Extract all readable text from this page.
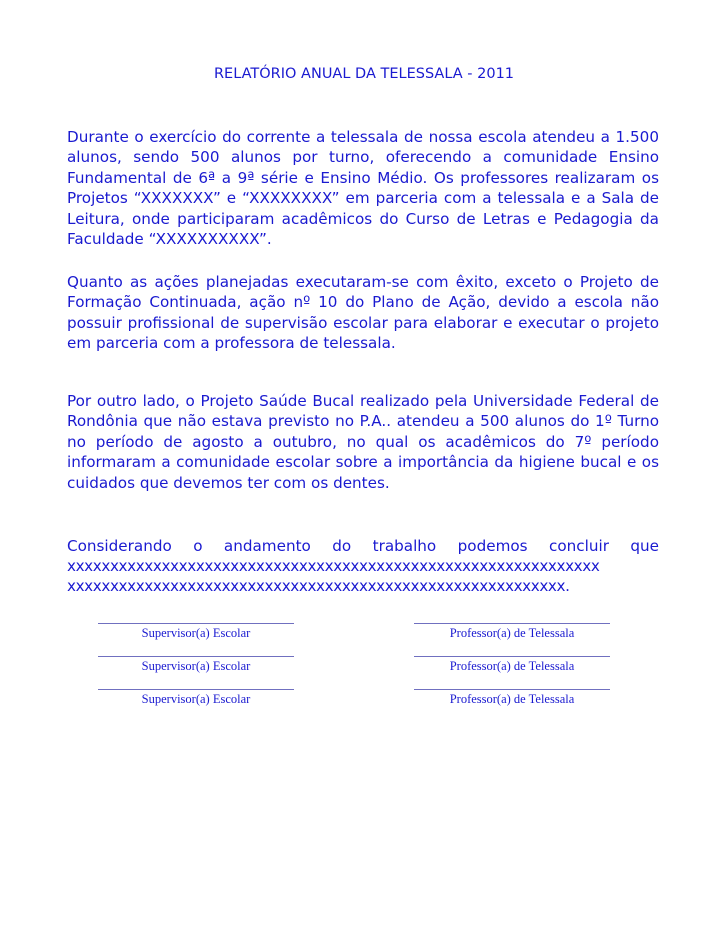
RELATÓRIO ANUAL DA TELESSALA - 2011

Durante o exercício do corrente a telessala de nossa escola atendeu a 1.500 alunos, sendo 500 alunos por turno, oferecendo a comunidade Ensino Fundamental de 6ª a 9ª série e Ensino Médio. Os professores realizaram os Projetos “XXXXXXX” e “XXXXXXXX” em parceria com a telessala e a Sala de Leitura, onde participaram acadêmicos do Curso de Letras e Pedagogia da Faculdade “XXXXXXXXXX”.

Quanto as ações planejadas executaram-se com êxito, exceto o Projeto de Formação Continuada, ação nº 10 do Plano de Ação, devido a escola não possuir profissional de supervisão escolar para elaborar e executar o projeto em parceria com a professora de telessala.

Por outro lado, o Projeto Saúde Bucal realizado pela Universidade Federal de Rondônia que não estava previsto no P.A.. atendeu a 500 alunos do 1º Turno no período de agosto a outubro, no qual os acadêmicos do 7º período informaram a comunidade escolar sobre a importância da higiene bucal e os cuidados que devemos ter com os dentes.

Considerando o andamento do trabalho podemos concluir que

xxxxxxxxxxxxxxxxxxxxxxxxxxxxxxxxxxxxxxxxxxxxxxxxxxxxxxxxxxxxxx
xxxxxxxxxxxxxxxxxxxxxxxxxxxxxxxxxxxxxxxxxxxxxxxxxxxxxxxxxx.
Supervisor(a) Escolar	Professor(a) de Telessala
Supervisor(a) Escolar	Professor(a) de Telessala
Supervisor(a) Escolar	Professor(a) de Telessala
